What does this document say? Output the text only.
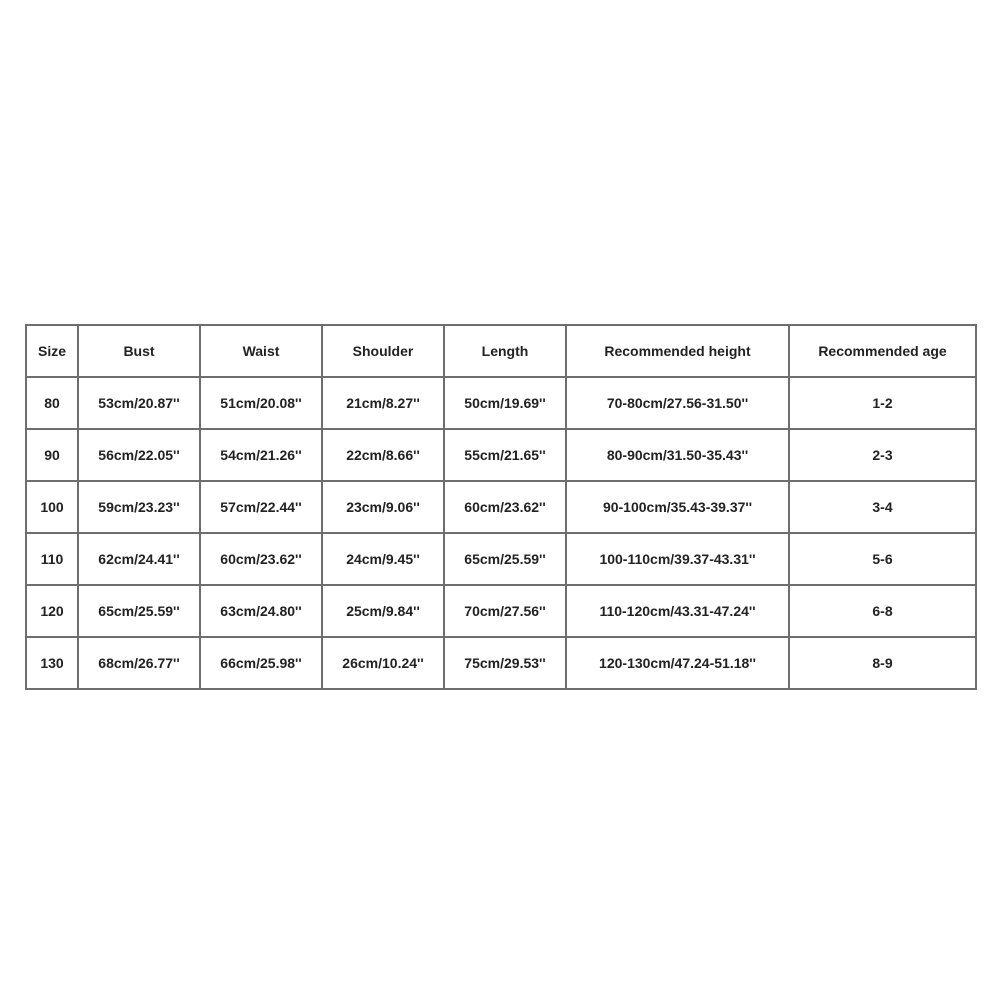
Size	Bust	Waist	Shoulder	Length	Recommended height	Recommended age
80	53cm/20.87''	51cm/20.08''	21cm/8.27''	50cm/19.69''	70-80cm/27.56-31.50''	1-2
90	56cm/22.05''	54cm/21.26''	22cm/8.66''	55cm/21.65''	80-90cm/31.50-35.43''	2-3
100	59cm/23.23''	57cm/22.44''	23cm/9.06''	60cm/23.62''	90-100cm/35.43-39.37''	3-4
110	62cm/24.41''	60cm/23.62''	24cm/9.45''	65cm/25.59''	100-110cm/39.37-43.31''	5-6
120	65cm/25.59''	63cm/24.80''	25cm/9.84''	70cm/27.56''	110-120cm/43.31-47.24''	6-8
130	68cm/26.77''	66cm/25.98''	26cm/10.24''	75cm/29.53''	120-130cm/47.24-51.18''	8-9
